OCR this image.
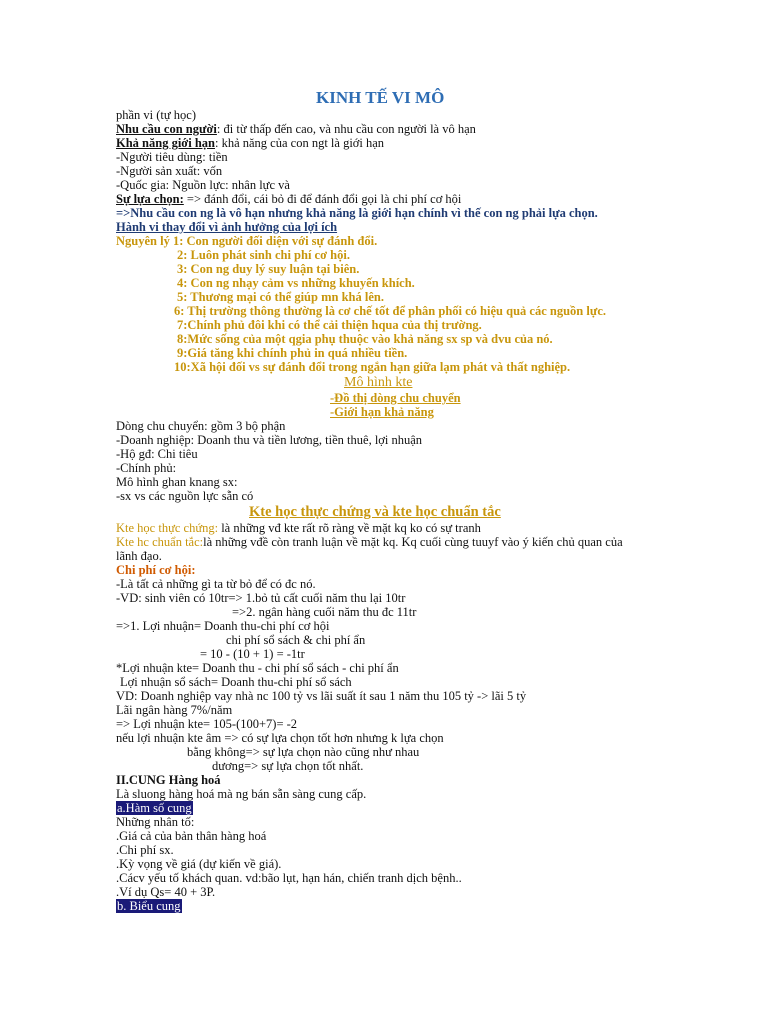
KINH TẾ VI MÔ
phần vi (tự học)
Nhu cầu con người: đi từ thấp đến cao, và nhu cầu con người là vô hạn
Khả năng giới hạn: khả năng của con ngt là giới hạn
-Người tiêu dùng: tiền
-Người sản xuất: vốn
-Quốc gia: Nguồn lực: nhân lực và
Sự lựa chọn: => đánh đổi, cái bỏ đi để đánh đổi gọi là chi phí cơ hội
=>Nhu cầu con ng là vô hạn nhưng khả năng là giới hạn chính vì thế con ng phải lựa chọn.
Hành vi thay đổi vì ảnh hưởng của lợi ích
Nguyên lý 1: Con người đối diện với sự đánh đổi.
2: Luôn phát sinh chi phí cơ hội.
3: Con ng duy lý suy luận tại biên.
4: Con ng nhạy cảm vs những khuyến khích.
5: Thương mại có thể giúp mn khá lên.
6: Thị trường thông thường là cơ chế tốt để phân phối có hiệu quả các nguồn lực.
7:Chính phủ đôi khi có thể cải thiện hqua của thị trường.
8:Mức sống của một qgia phụ thuộc vào khả năng sx sp và dvu của nó.
9:Giá tăng khi chính phủ in quá nhiều tiền.
10:Xã hội đối vs sự đánh đổi trong ngắn hạn giữa lạm phát và thất nghiệp.
Mô hình kte
-Đồ thị dòng chu chuyển
-Giới hạn khả năng
Dòng chu chuyển: gồm 3 bộ phận
-Doanh nghiệp: Doanh thu và tiền lương, tiền thuê, lợi nhuận
-Hộ gđ: Chi tiêu
-Chính phủ:
Mô hình ghan knang sx:
-sx vs các nguồn lực sẵn có
Kte học thực chứng và kte học chuẩn tắc
Kte học thực chứng: là những vđ kte rất rõ ràng về mặt kq ko có sự tranh
Kte hc chuẩn tắc:là những vđề còn tranh luận về mặt kq. Kq cuối cùng tuuyf vào ý kiến chủ quan của lãnh đạo.
Chi phí cơ hội:
-Là tất cả những gì ta từ bỏ để có đc nó.
-VD: sinh viên có 10tr=> 1.bỏ tủ cất cuối năm thu lại 10tr
=>2. ngân hàng cuối năm thu đc 11tr
=>1. Lợi nhuận= Doanh thu-chi phí cơ hội
chi phí sổ sách & chi phí ẩn
= 10 - (10 + 1) = -1tr
*Lợi nhuận kte= Doanh thu - chi phí sổ sách - chi phí ẩn
Lợi nhuận sổ sách= Doanh thu-chi phí sổ sách
VD: Doanh nghiệp vay nhà nc 100 tỷ vs lãi suất ít sau 1 năm thu 105 tỷ -> lãi 5 tỷ
Lãi ngân hàng 7%/năm
=> Lợi nhuận kte= 105-(100+7)= -2
nếu lợi nhuận kte âm => có sự lựa chọn tốt hơn nhưng k lựa chọn
bằng không=> sự lựa chọn nào cũng như nhau
dương=> sự lựa chọn tốt nhất.
II.CUNG Hàng hoá
Là sluong hàng hoá mà ng bán sẵn sàng cung cấp.
a.Hàm số cung
Những nhân tố:
.Giá cả của bản thân hàng hoá
.Chi phí sx.
.Kỳ vọng về giá (dự kiến về giá).
.Cácv yếu tố khách quan. vd:bão lụt, hạn hán, chiến tranh dịch bệnh..
.Ví dụ Qs= 40 + 3P.
b. Biểu cung
